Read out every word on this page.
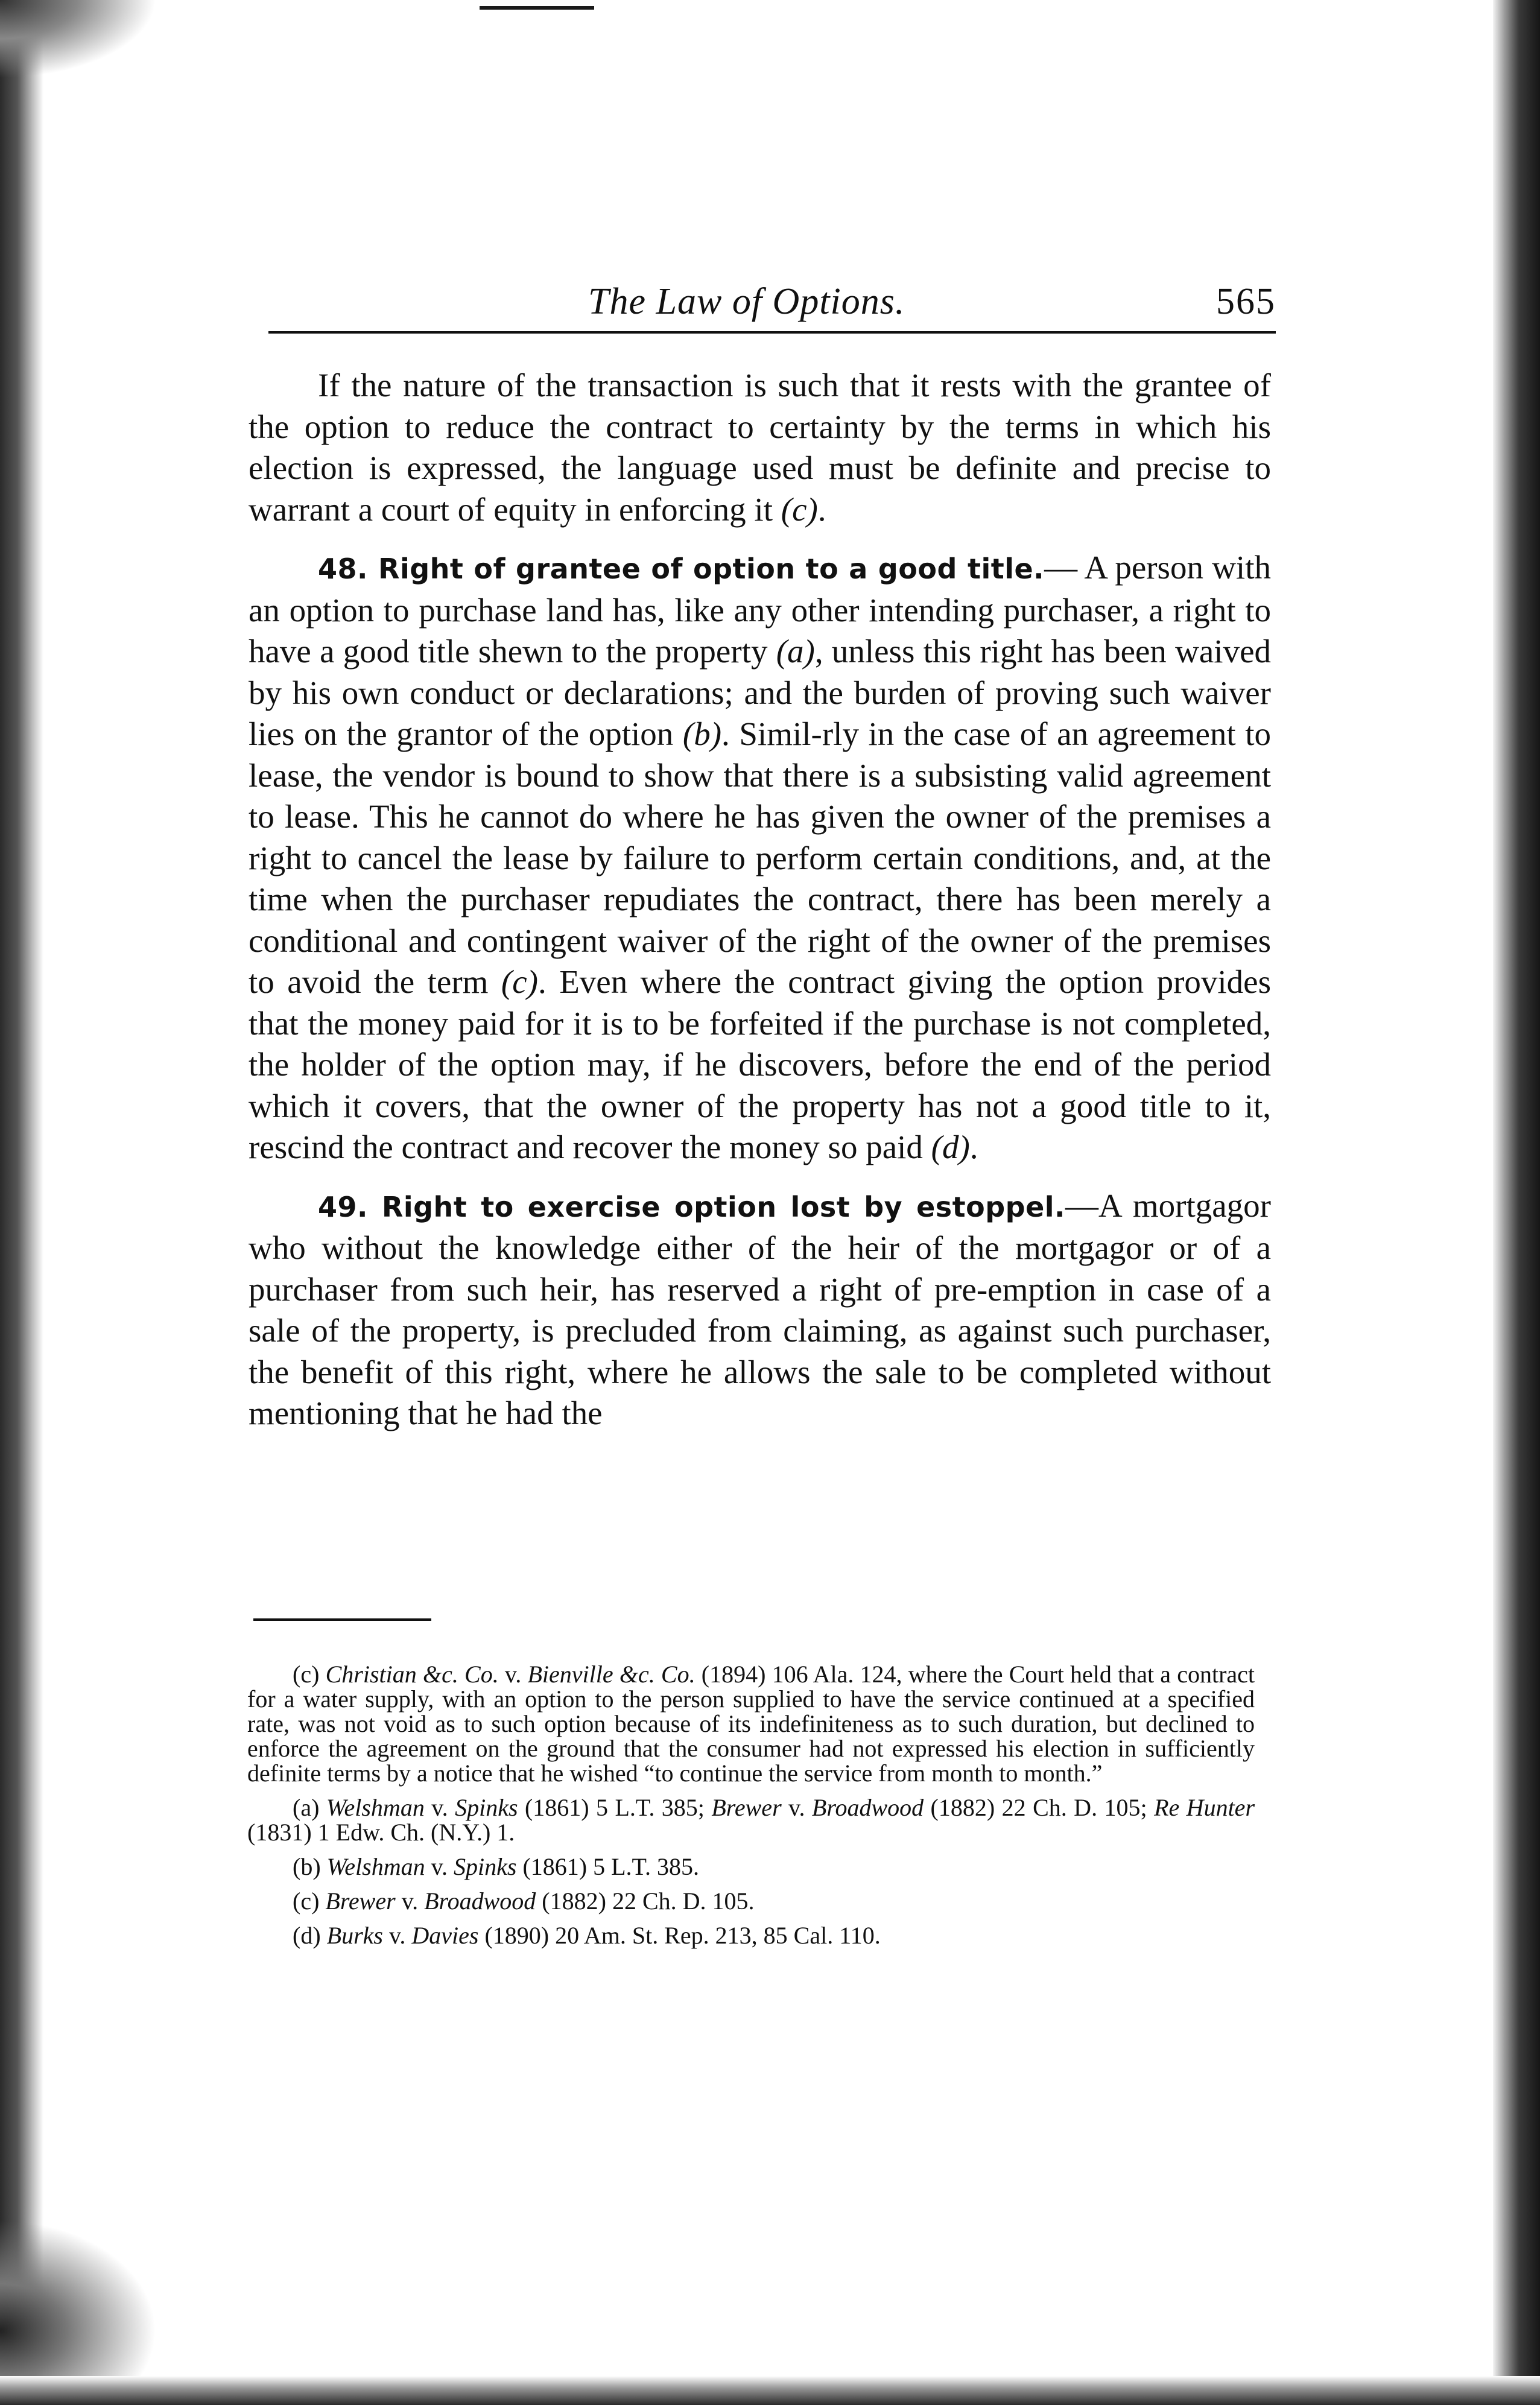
The Law of Options.	565

If the nature of the transaction is such that it rests with the grantee of the option to reduce the contract to certainty by the terms in which his election is expressed, the language used must be definite and precise to warrant a court of equity in enforcing it (c).

48. Right of grantee of option to a good title.— A person with an option to purchase land has, like any other intending purchaser, a right to have a good title shewn to the property (a), unless this right has been waived by his own conduct or declarations; and the burden of proving such waiver lies on the grantor of the option (b). Simil-rly in the case of an agreement to lease, the vendor is bound to show that there is a subsisting valid agreement to lease. This he cannot do where he has given the owner of the premises a right to cancel the lease by failure to perform certain conditions, and, at the time when the purchaser repudiates the contract, there has been merely a conditional and contingent waiver of the right of the owner of the premises to avoid the term (c). Even where the contract giving the option provides that the money paid for it is to be forfeited if the purchase is not completed, the holder of the option may, if he discovers, before the end of the period which it covers, that the owner of the property has not a good title to it, rescind the contract and recover the money so paid (d).

49. Right to exercise option lost by estoppel.—A mortgagor who without the knowledge either of the heir of the mortgagor or of a purchaser from such heir, has reserved a right of pre-emption in case of a sale of the property, is precluded from claiming, as against such purchaser, the benefit of this right, where he allows the sale to be completed without mentioning that he had the

(c) Christian &c. Co. v. Bienville &c. Co. (1894) 106 Ala. 124, where the Court held that a contract for a water supply, with an option to the person supplied to have the service continued at a specified rate, was not void as to such option because of its indefiniteness as to such duration, but declined to enforce the agreement on the ground that the consumer had not expressed his election in sufficiently definite terms by a notice that he wished “to continue the service from month to month.”

(a) Welshman v. Spinks (1861) 5 L.T. 385; Brewer v. Broadwood (1882) 22 Ch. D. 105; Re Hunter (1831) 1 Edw. Ch. (N.Y.) 1.

(b) Welshman v. Spinks (1861) 5 L.T. 385.

(c) Brewer v. Broadwood (1882) 22 Ch. D. 105.

(d) Burks v. Davies (1890) 20 Am. St. Rep. 213, 85 Cal. 110.
